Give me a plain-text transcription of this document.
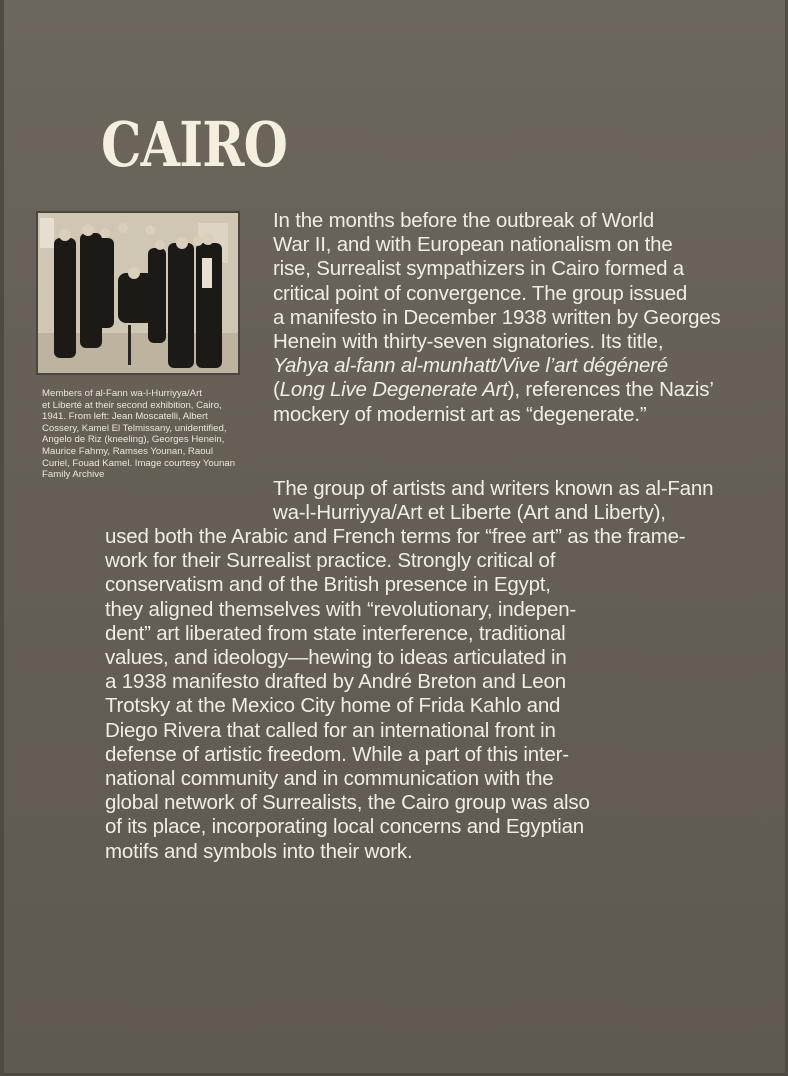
CAIRO
Members of al-Fann wa-l-Hurriyya/Art
et Liberté at their second exhibition, Cairo,
1941. From left: Jean Moscatelli, Albert
Cossery, Kamel El Telmissany, unidentified,
Angelo de Riz (kneeling), Georges Henein,
Maurice Fahmy, Ramses Younan, Raoul
Curiel, Fouad Kamel. Image courtesy Younan
Family Archive
In the months before the outbreak of World
War II, and with European nationalism on the
rise, Surrealist sympathizers in Cairo formed a
critical point of convergence. The group issued
a manifesto in December 1938 written by Georges
Henein with thirty-seven signatories. Its title,
Yahya al-fann al-munhatt/Vive l’art dégéneré
(Long Live Degenerate Art), references the Nazis’
mockery of modernist art as “degenerate.”
The group of artists and writers known as al-Fann
wa-l-Hurriyya/Art et Liberte (Art and Liberty),
used both the Arabic and French terms for “free art” as the frame-
work for their Surrealist practice. Strongly critical of
conservatism and of the British presence in Egypt,
they aligned themselves with “revolutionary, indepen-
dent” art liberated from state interference, traditional
values, and ideology—hewing to ideas articulated in
a 1938 manifesto drafted by André Breton and Leon
Trotsky at the Mexico City home of Frida Kahlo and
Diego Rivera that called for an international front in
defense of artistic freedom. While a part of this inter-
national community and in communication with the
global network of Surrealists, the Cairo group was also
of its place, incorporating local concerns and Egyptian
motifs and symbols into their work.
